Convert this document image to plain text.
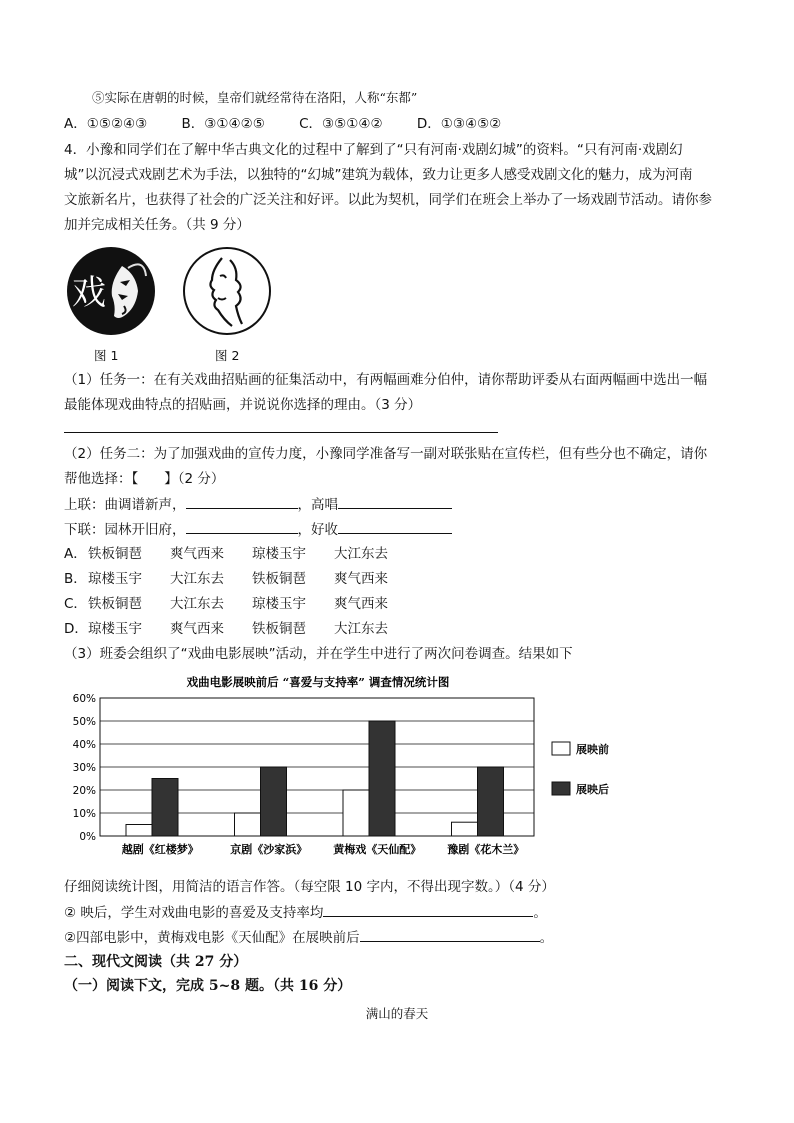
⑤实际在唐朝的时候，皇帝们就经常待在洛阳，人称“东都”
A．①⑤②④③	B．③①④②⑤	C．③⑤①④②	D．①③④⑤②
4．小豫和同学们在了解中华古典文化的过程中了解到了“只有河南·戏剧幻城”的资料。“只有河南·戏剧幻
城”以沉浸式戏剧艺术为手法，以独特的“幻城”建筑为载体，致力让更多人感受戏剧文化的魅力，成为河南
文旅新名片，也获得了社会的广泛关注和好评。以此为契机，同学们在班会上举办了一场戏剧节活动。请你参
加并完成相关任务。（共 9 分）
戏
图 1	图 2
（1）任务一：在有关戏曲招贴画的征集活动中，有两幅画难分伯仲，请你帮助评委从右面两幅画中选出一幅
最能体现戏曲特点的招贴画，并说说你选择的理由。（3 分）
（2）任务二：为了加强戏曲的宣传力度，小豫同学准备写一副对联张贴在宣传栏，但有些分也不确定，请你
帮他选择：【 】（2 分）
上联：曲调谱新声，	，高唱
下联：园林开旧府，	，好收
A．铁板铜琶 爽气西来 琼楼玉宇 大江东去
B．琼楼玉宇 大江东去 铁板铜琶 爽气西来
C．铁板铜琶 大江东去 琼楼玉宇 爽气西来
D．琼楼玉宇 爽气西来 铁板铜琶 大江东去
（3）班委会组织了“戏曲电影展映”活动，并在学生中进行了两次问卷调查。结果如下
戏曲电影展映前后 “喜爱与支持率” 调查情况统计图
60%
50%
40%
30%
20%
10%
0%
越剧《红楼梦》	京剧《沙家浜》 黄梅戏《天仙配》 豫剧《花木兰》
展映前
展映后
仔细阅读统计图，用简洁的语言作答。（每空限 10 字内，不得出现字数。）（4 分）
② 映后，学生对戏曲电影的喜爱及支持率均	。
②四部电影中，黄梅戏电影《天仙配》在展映前后	。
二、现代文阅读（共 27 分）
（一）阅读下文，完成 5~8 题。（共 16 分）
满山的春天
